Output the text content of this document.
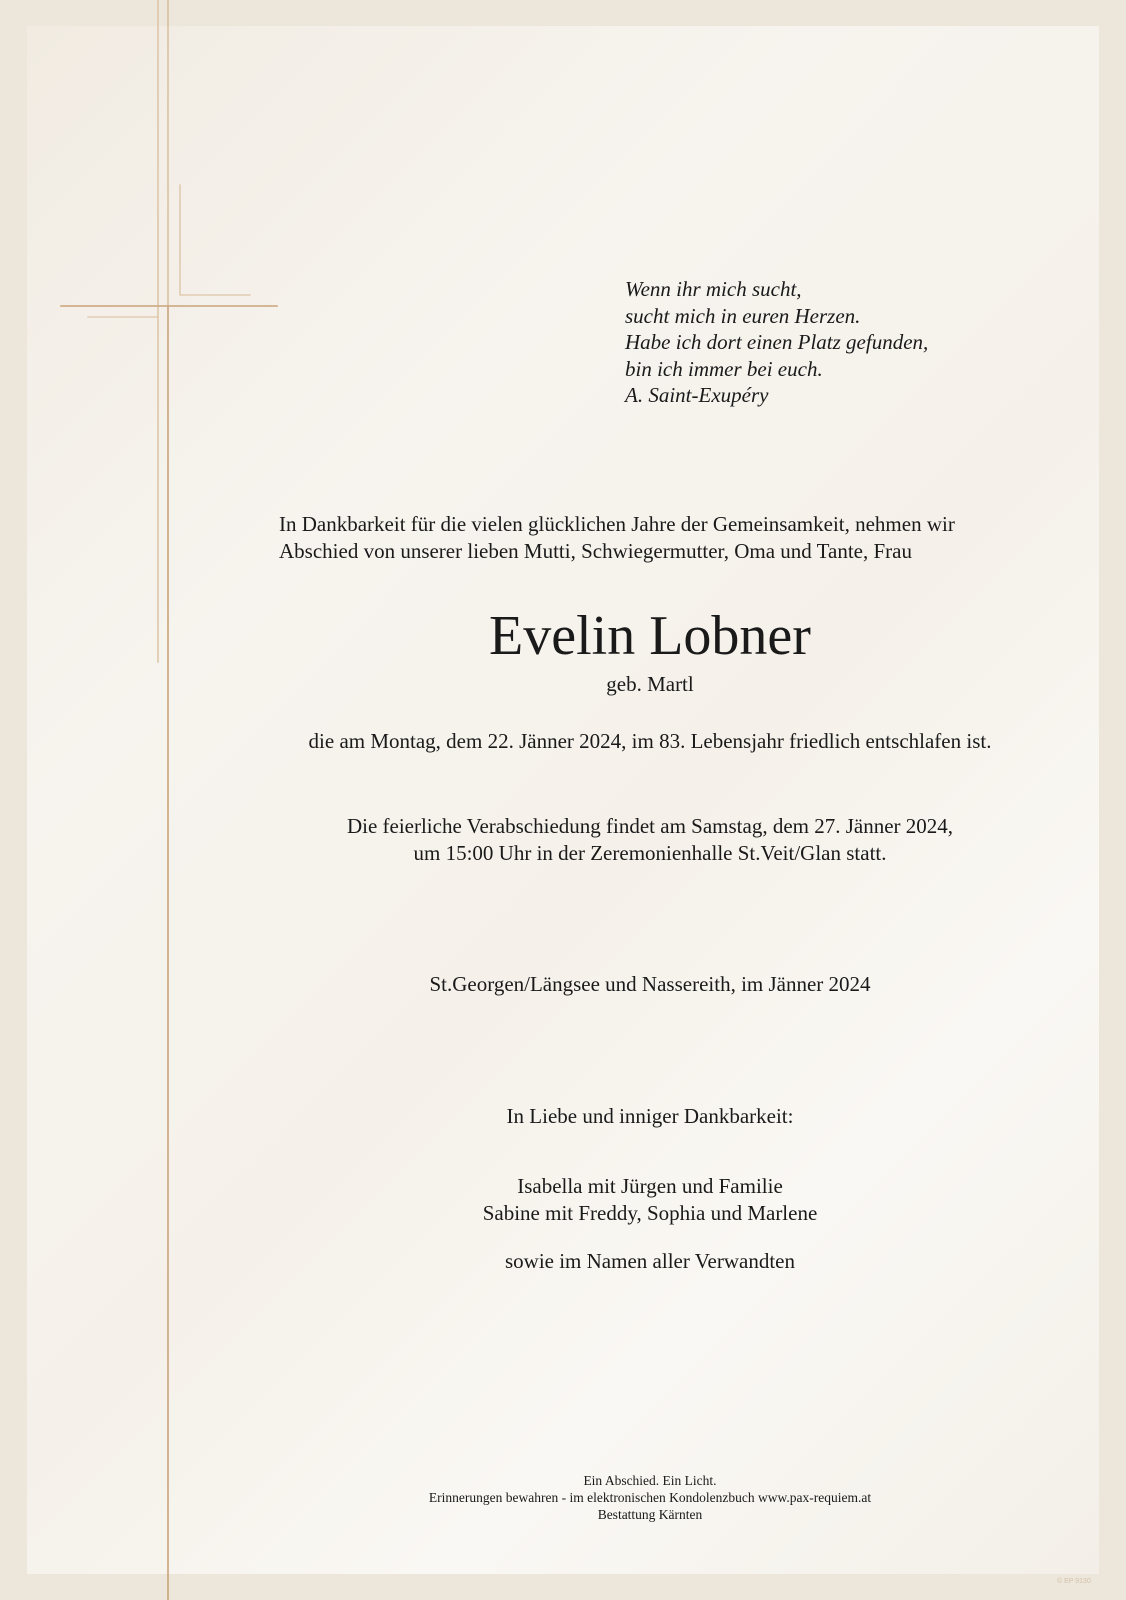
Wenn ihr mich sucht,
sucht mich in euren Herzen.
Habe ich dort einen Platz gefunden,
bin ich immer bei euch.
A. Saint-Exupéry
In Dankbarkeit für die vielen glücklichen Jahre der Gemeinsamkeit, nehmen wir
Abschied von unserer lieben Mutti, Schwiegermutter, Oma und Tante, Frau
Evelin Lobner
geb. Martl
die am Montag, dem 22. Jänner 2024, im 83. Lebensjahr friedlich entschlafen ist.
Die feierliche Verabschiedung findet am Samstag, dem 27. Jänner 2024,
um 15:00 Uhr in der Zeremonienhalle St.Veit/Glan statt.
St.Georgen/Längsee und Nassereith, im Jänner 2024
In Liebe und inniger Dankbarkeit:
Isabella mit Jürgen und Familie
Sabine mit Freddy, Sophia und Marlene
sowie im Namen aller Verwandten
Ein Abschied. Ein Licht.
Erinnerungen bewahren - im elektronischen Kondolenzbuch www.pax-requiem.at
Bestattung Kärnten
© EP 9130
